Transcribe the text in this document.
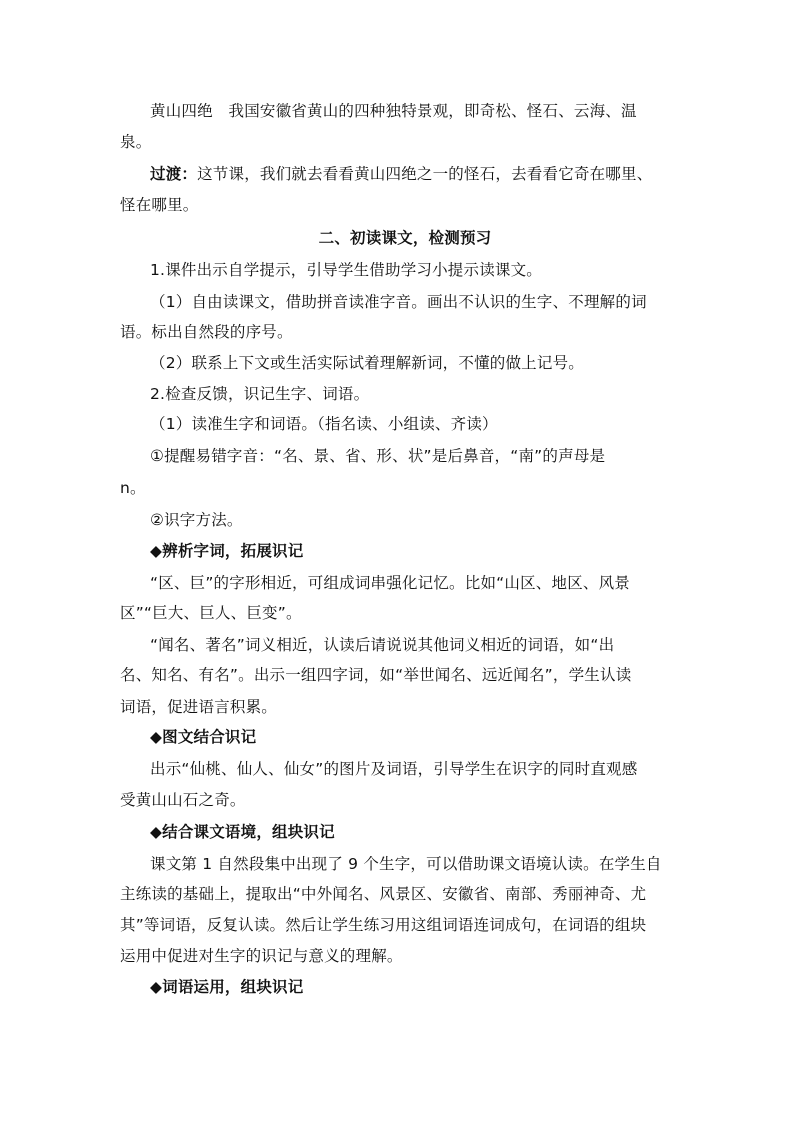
黄山四绝　我国安徽省黄山的四种独特景观，即奇松、怪石、云海、温
泉。
过渡：这节课，我们就去看看黄山四绝之一的怪石，去看看它奇在哪里、
怪在哪里。
二、初读课文，检测预习
1.课件出示自学提示，引导学生借助学习小提示读课文。
（1）自由读课文，借助拼音读准字音。画出不认识的生字、不理解的词
语。标出自然段的序号。
（2）联系上下文或生活实际试着理解新词，不懂的做上记号。
2.检查反馈，识记生字、词语。
（1）读准生字和词语。（指名读、小组读、齐读）
①提醒易错字音：“名、景、省、形、状”是后鼻音，“南”的声母是
n。
②识字方法。
◆辨析字词，拓展识记
“区、巨”的字形相近，可组成词串强化记忆。比如“山区、地区、风景
区”“巨大、巨人、巨变”。
“闻名、著名”词义相近，认读后请说说其他词义相近的词语，如“出
名、知名、有名”。出示一组四字词，如“举世闻名、远近闻名”，学生认读
词语，促进语言积累。
◆图文结合识记
出示“仙桃、仙人、仙女”的图片及词语，引导学生在识字的同时直观感
受黄山山石之奇。
◆结合课文语境，组块识记
课文第 1 自然段集中出现了 9 个生字，可以借助课文语境认读。在学生自
主练读的基础上，提取出“中外闻名、风景区、安徽省、南部、秀丽神奇、尤
其”等词语，反复认读。然后让学生练习用这组词语连词成句，在词语的组块
运用中促进对生字的识记与意义的理解。
◆词语运用，组块识记
